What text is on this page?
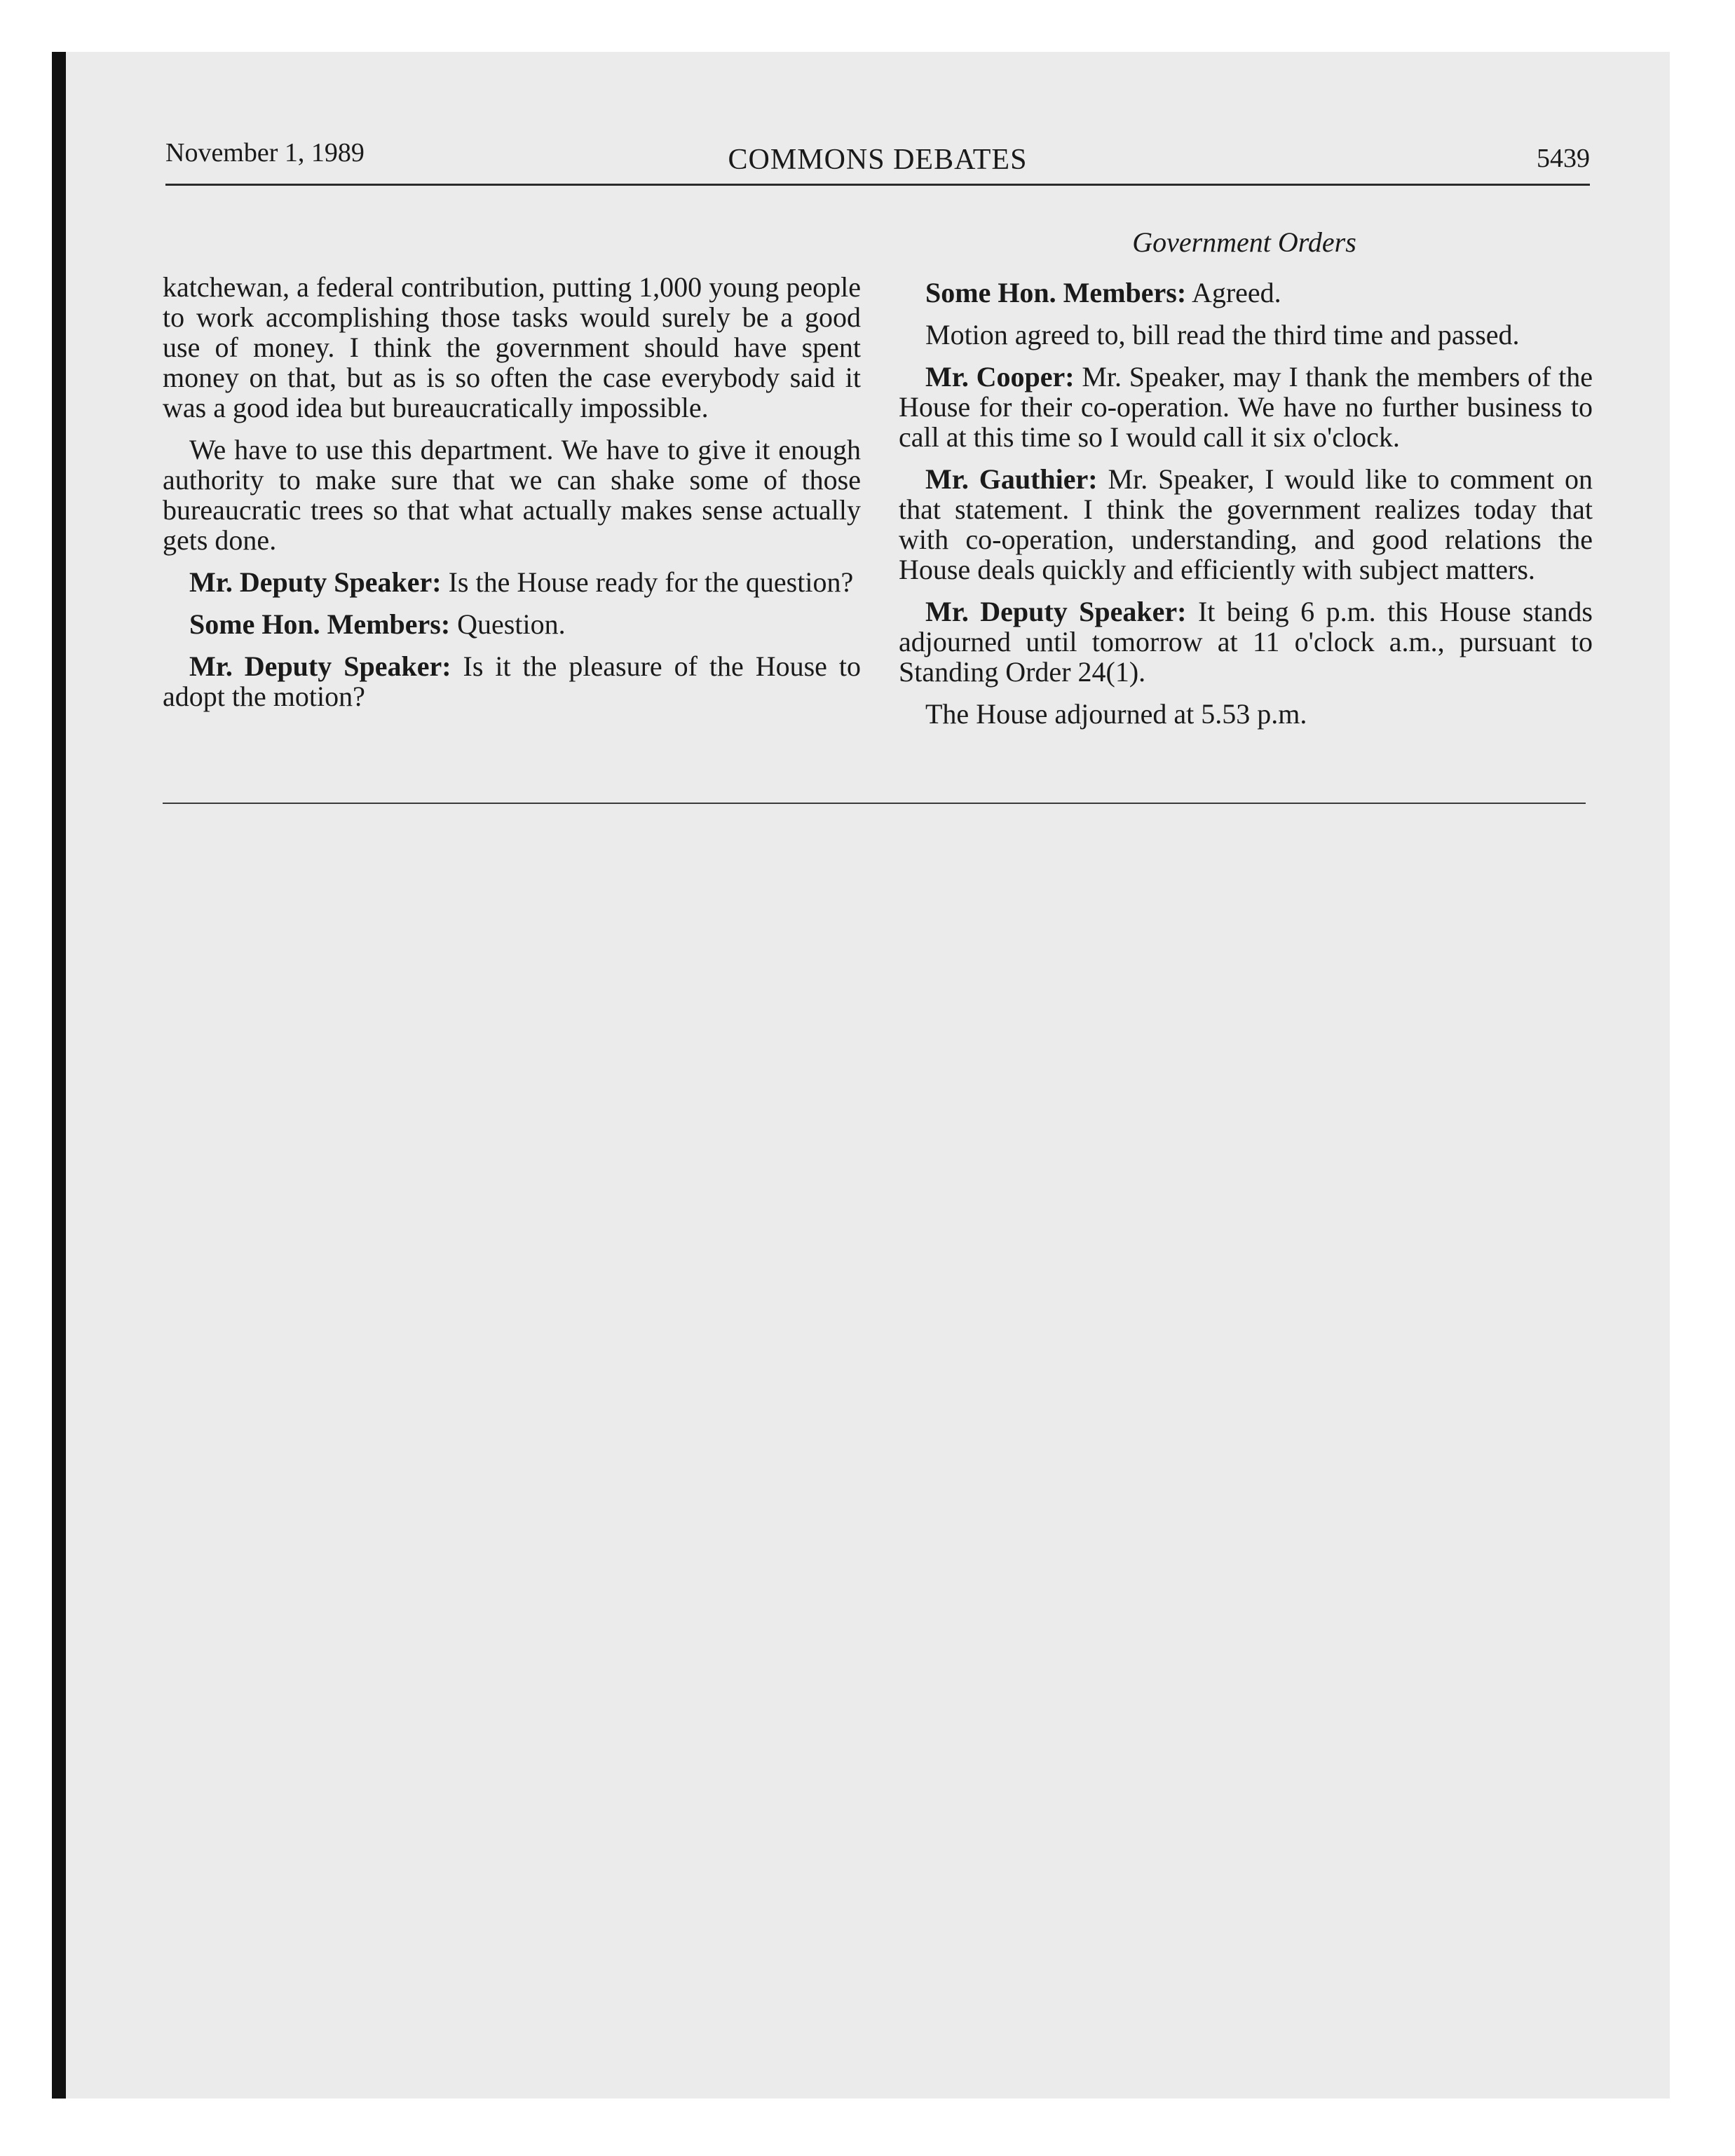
November 1, 1989	COMMONS DEBATES	5439
Government Orders

katchewan, a federal contribution, putting 1,000 young people to work accomplishing those tasks would surely be a good use of money. I think the government should have spent money on that, but as is so often the case everybody said it was a good idea but bureaucratically impossible.

We have to use this department. We have to give it enough authority to make sure that we can shake some of those bureaucratic trees so that what actually makes sense actually gets done.

Mr. Deputy Speaker: Is the House ready for the question?

Some Hon. Members: Question.

Mr. Deputy Speaker: Is it the pleasure of the House to adopt the motion?

Some Hon. Members: Agreed.

Motion agreed to, bill read the third time and passed.

Mr. Cooper: Mr. Speaker, may I thank the members of the House for their co-operation. We have no further business to call at this time so I would call it six o'clock.

Mr. Gauthier: Mr. Speaker, I would like to comment on that statement. I think the government realizes today that with co-operation, understanding, and good relations the House deals quickly and efficiently with subject matters.

Mr. Deputy Speaker: It being 6 p.m. this House stands adjourned until tomorrow at 11 o'clock a.m., pursuant to Standing Order 24(1).

The House adjourned at 5.53 p.m.
